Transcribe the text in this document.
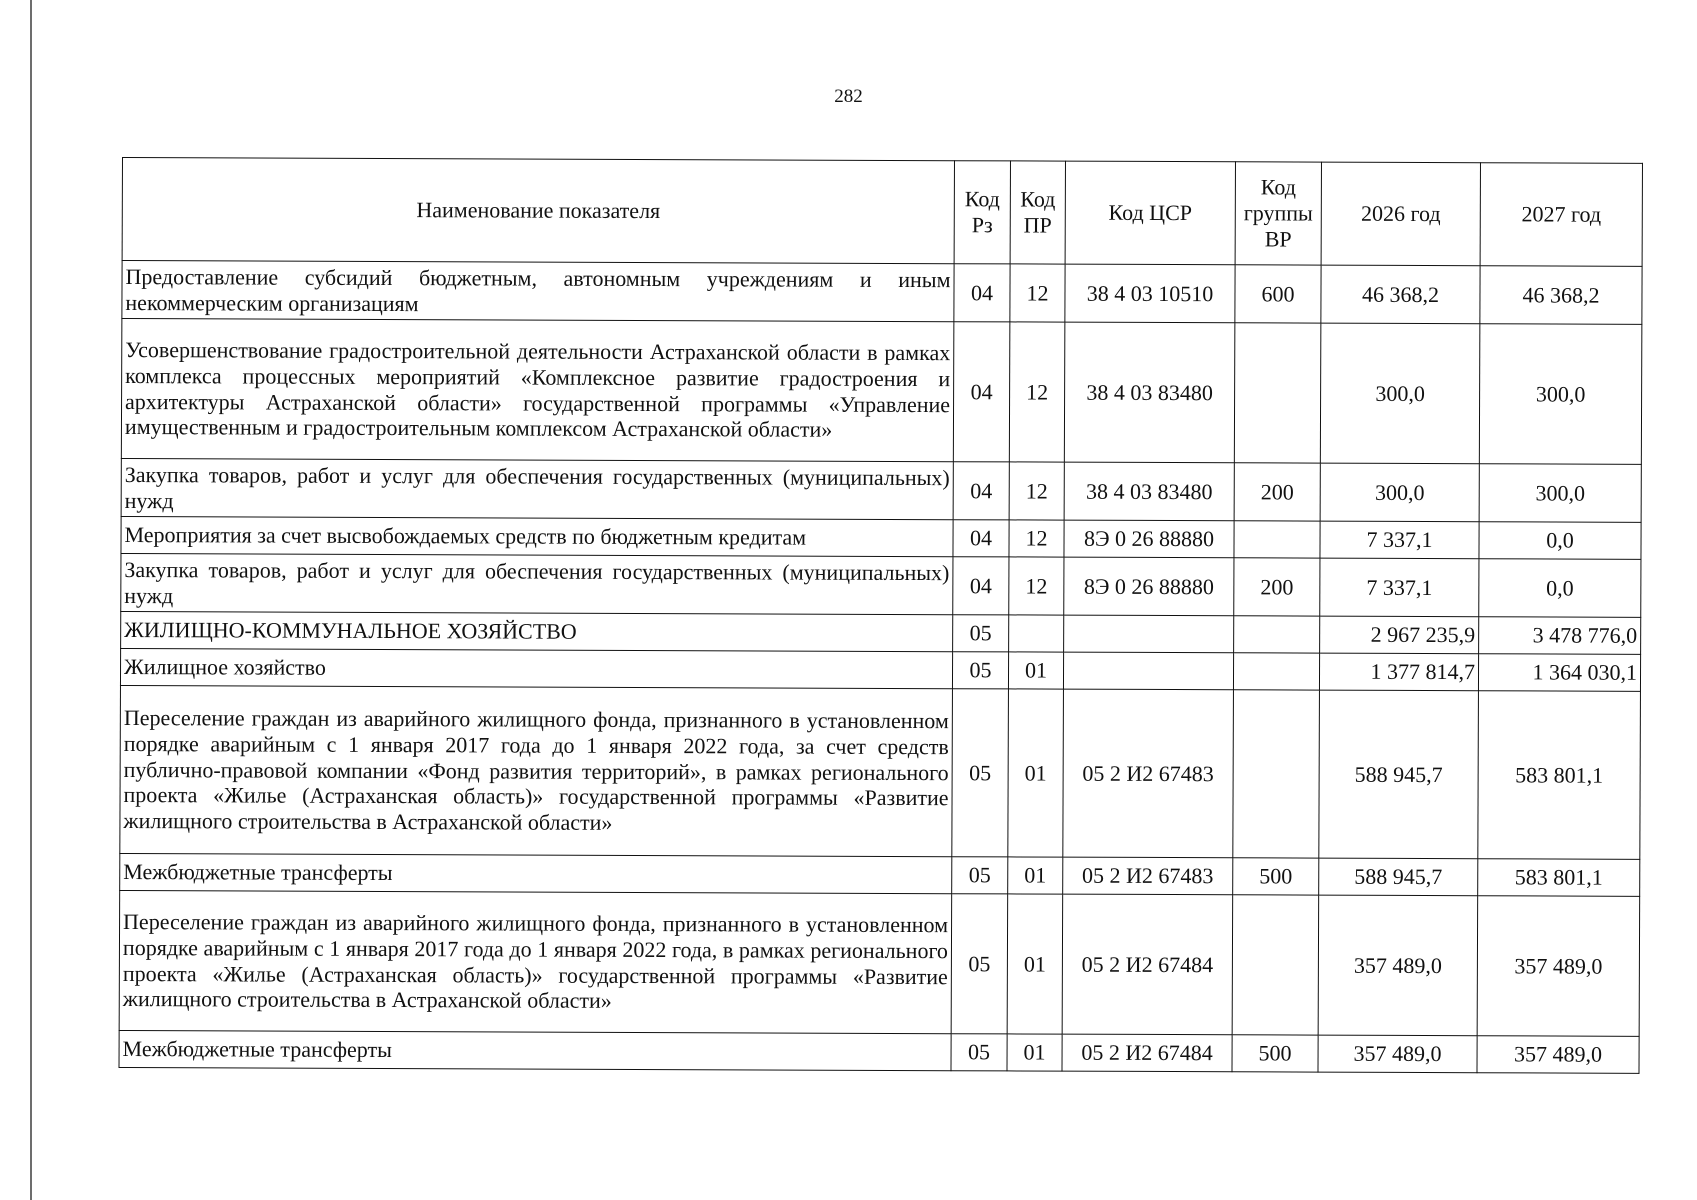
282
Наименование показателя	Код Рз	Код ПР	Код ЦСР	Код группы ВР	2026 год	2027 год
Предоставление субсидий бюджетным, автономным учреждениям и иным некоммерческим организациям	04	12	38 4 03 10510	600	46 368,2	46 368,2
Усовершенствование градостроительной деятельности Астраханской области в рамках комплекса процессных мероприятий «Комплексное развитие градостроения и архитектуры Астраханской области» государственной программы «Управление имущественным и градостроительным комплексом Астраханской области»	04	12	38 4 03 83480		300,0	300,0
Закупка товаров, работ и услуг для обеспечения государственных (муниципальных) нужд	04	12	38 4 03 83480	200	300,0	300,0
Мероприятия за счет высвобождаемых средств по бюджетным кредитам	04	12	8Э 0 26 88880		7 337,1	0,0
Закупка товаров, работ и услуг для обеспечения государственных (муниципальных) нужд	04	12	8Э 0 26 88880	200	7 337,1	0,0
ЖИЛИЩНО-КОММУНАЛЬНОЕ ХОЗЯЙСТВО	05				2 967 235,9	3 478 776,0
Жилищное хозяйство	05	01			1 377 814,7	1 364 030,1
Переселение граждан из аварийного жилищного фонда, признанного в установленном порядке аварийным с 1 января 2017 года до 1 января 2022 года, за счет средств публично-правовой компании «Фонд развития территорий», в рамках регионального проекта «Жилье (Астраханская область)» государственной программы «Развитие жилищного строительства в Астраханской области»	05	01	05 2 И2 67483		588 945,7	583 801,1
Межбюджетные трансферты	05	01	05 2 И2 67483	500	588 945,7	583 801,1
Переселение граждан из аварийного жилищного фонда, признанного в установленном порядке аварийным с 1 января 2017 года до 1 января 2022 года, в рамках регионального проекта «Жилье (Астраханская область)» государственной программы «Развитие жилищного строительства в Астраханской области»	05	01	05 2 И2 67484		357 489,0	357 489,0
Межбюджетные трансферты	05	01	05 2 И2 67484	500	357 489,0	357 489,0
